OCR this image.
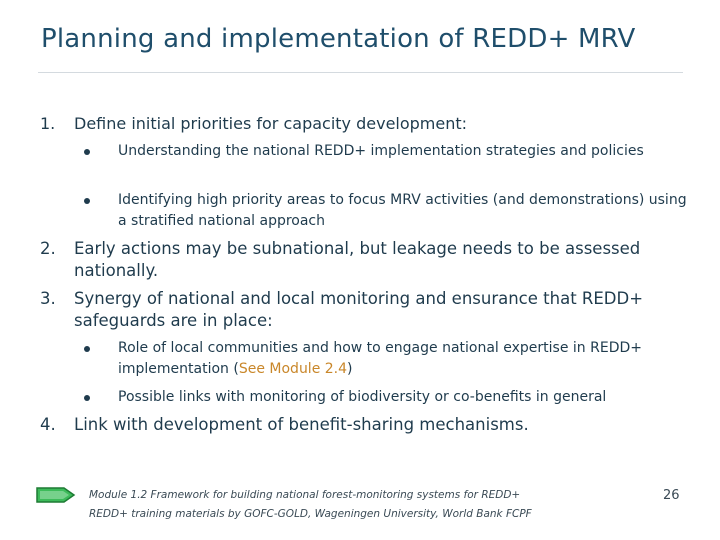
Planning and implementation of REDD+ MRV
1. Define initial priorities for capacity development:
Understanding the national REDD+ implementation strategies and policies
Identifying high priority areas to focus MRV activities (and demonstrations) using a stratified national approach
2. Early actions may be subnational, but leakage needs to be assessed nationally.
3. Synergy of national and local monitoring and ensurance that REDD+ safeguards are in place:
Role of local communities and how to engage national expertise in REDD+ implementation (See Module 2.4)
Possible links with monitoring of biodiversity or co-benefits in general
4. Link with development of benefit-sharing mechanisms.
Module 1.2 Framework for building national forest-monitoring systems for REDD+
REDD+ training materials by GOFC-GOLD, Wageningen University, World Bank FCPF
26
